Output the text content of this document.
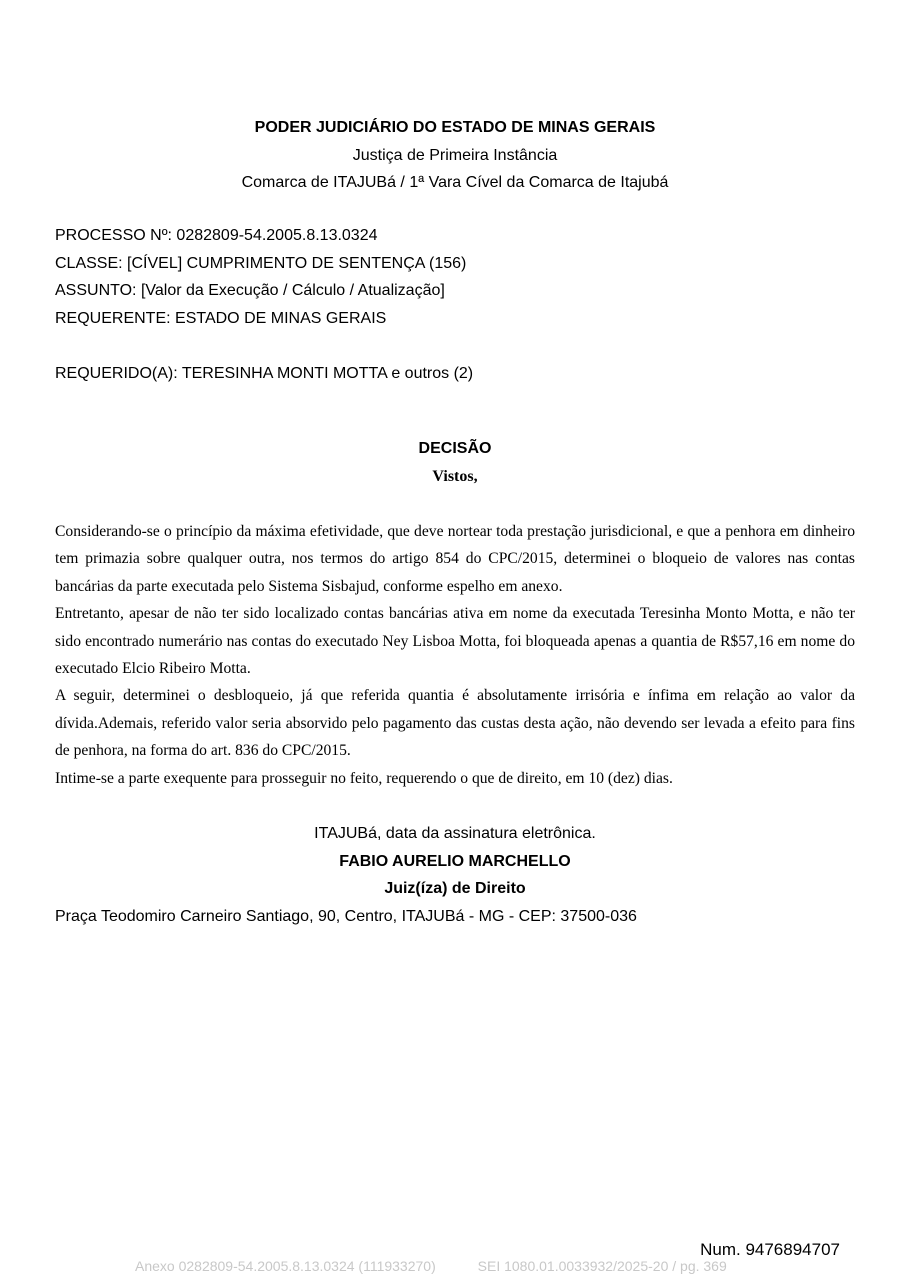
PODER JUDICIÁRIO DO ESTADO DE MINAS GERAIS
Justiça de Primeira Instância
Comarca de ITAJUBá / 1ª Vara Cível da Comarca de Itajubá
PROCESSO Nº: 0282809-54.2005.8.13.0324
CLASSE: [CÍVEL] CUMPRIMENTO DE SENTENÇA (156)
ASSUNTO: [Valor da Execução / Cálculo / Atualização]
REQUERENTE: ESTADO DE MINAS GERAIS
REQUERIDO(A): TERESINHA MONTI MOTTA e outros (2)
DECISÃO
Vistos,

Considerando-se o princípio da máxima efetividade, que deve nortear toda prestação jurisdicional, e que a penhora em dinheiro tem primazia sobre qualquer outra, nos termos do artigo 854 do CPC/2015, determinei o bloqueio de valores nas contas bancárias da parte executada pelo Sistema Sisbajud, conforme espelho em anexo.

Entretanto, apesar de não ter sido localizado contas bancárias ativa em nome da executada Teresinha Monto Motta, e não ter sido encontrado numerário nas contas do executado Ney Lisboa Motta, foi bloqueada apenas a quantia de R$57,16 em nome do executado Elcio Ribeiro Motta.

A seguir, determinei o desbloqueio, já que referida quantia é absolutamente irrisória e ínfima em relação ao valor da dívida.Ademais, referido valor seria absorvido pelo pagamento das custas desta ação, não devendo ser levada a efeito para fins de penhora, na forma do art. 836 do CPC/2015.

Intime-se a parte exequente para prosseguir no feito, requerendo o que de direito, em 10 (dez) dias.

ITAJUBá, data da assinatura eletrônica.
FABIO AURELIO MARCHELLO
Juiz(íza) de Direito
Praça Teodomiro Carneiro Santiago, 90, Centro, ITAJUBá - MG - CEP: 37500-036
Num. 9476894707
Anexo 0282809-54.2005.8.13.0324 (111933270)	SEI 1080.01.0033932/2025-20 / pg. 369
